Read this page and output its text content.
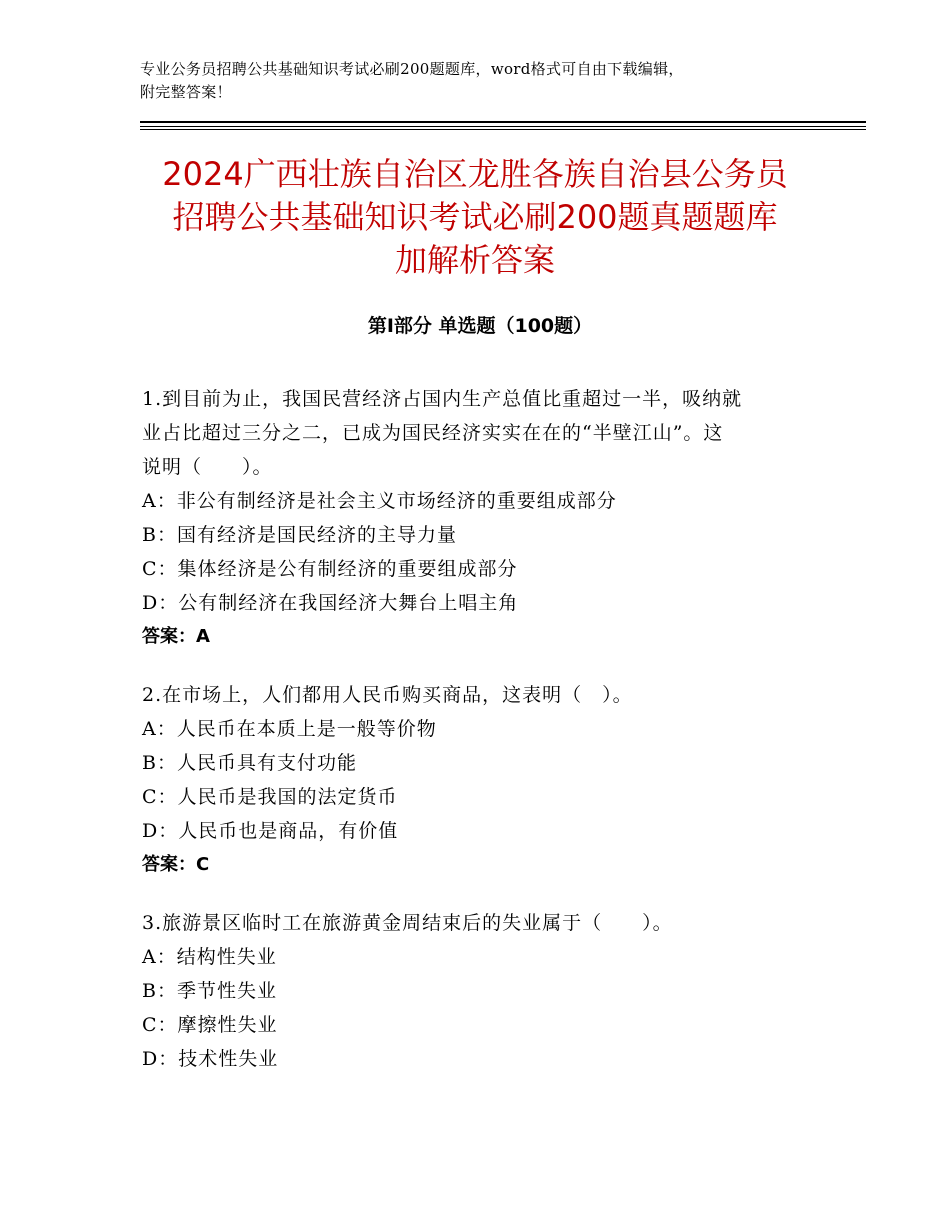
专业公务员招聘公共基础知识考试必刷200题题库，word格式可自由下载编辑，
附完整答案！
2024广西壮族自治区龙胜各族自治县公务员
招聘公共基础知识考试必刷200题真题题库
加解析答案
第I部分 单选题（100题）
1.到目前为止，我国民营经济占国内生产总值比重超过一半，吸纳就
业占比超过三分之二，已成为国民经济实实在在的“半壁江山”。这
说明（　　）。
A：非公有制经济是社会主义市场经济的重要组成部分
B：国有经济是国民经济的主导力量
C：集体经济是公有制经济的重要组成部分
D：公有制经济在我国经济大舞台上唱主角
答案：A
2.在市场上，人们都用人民币购买商品，这表明（　）。
A：人民币在本质上是一般等价物
B：人民币具有支付功能
C：人民币是我国的法定货币
D：人民币也是商品，有价值
答案：C
3.旅游景区临时工在旅游黄金周结束后的失业属于（　　）。
A：结构性失业
B：季节性失业
C：摩擦性失业
D：技术性失业
